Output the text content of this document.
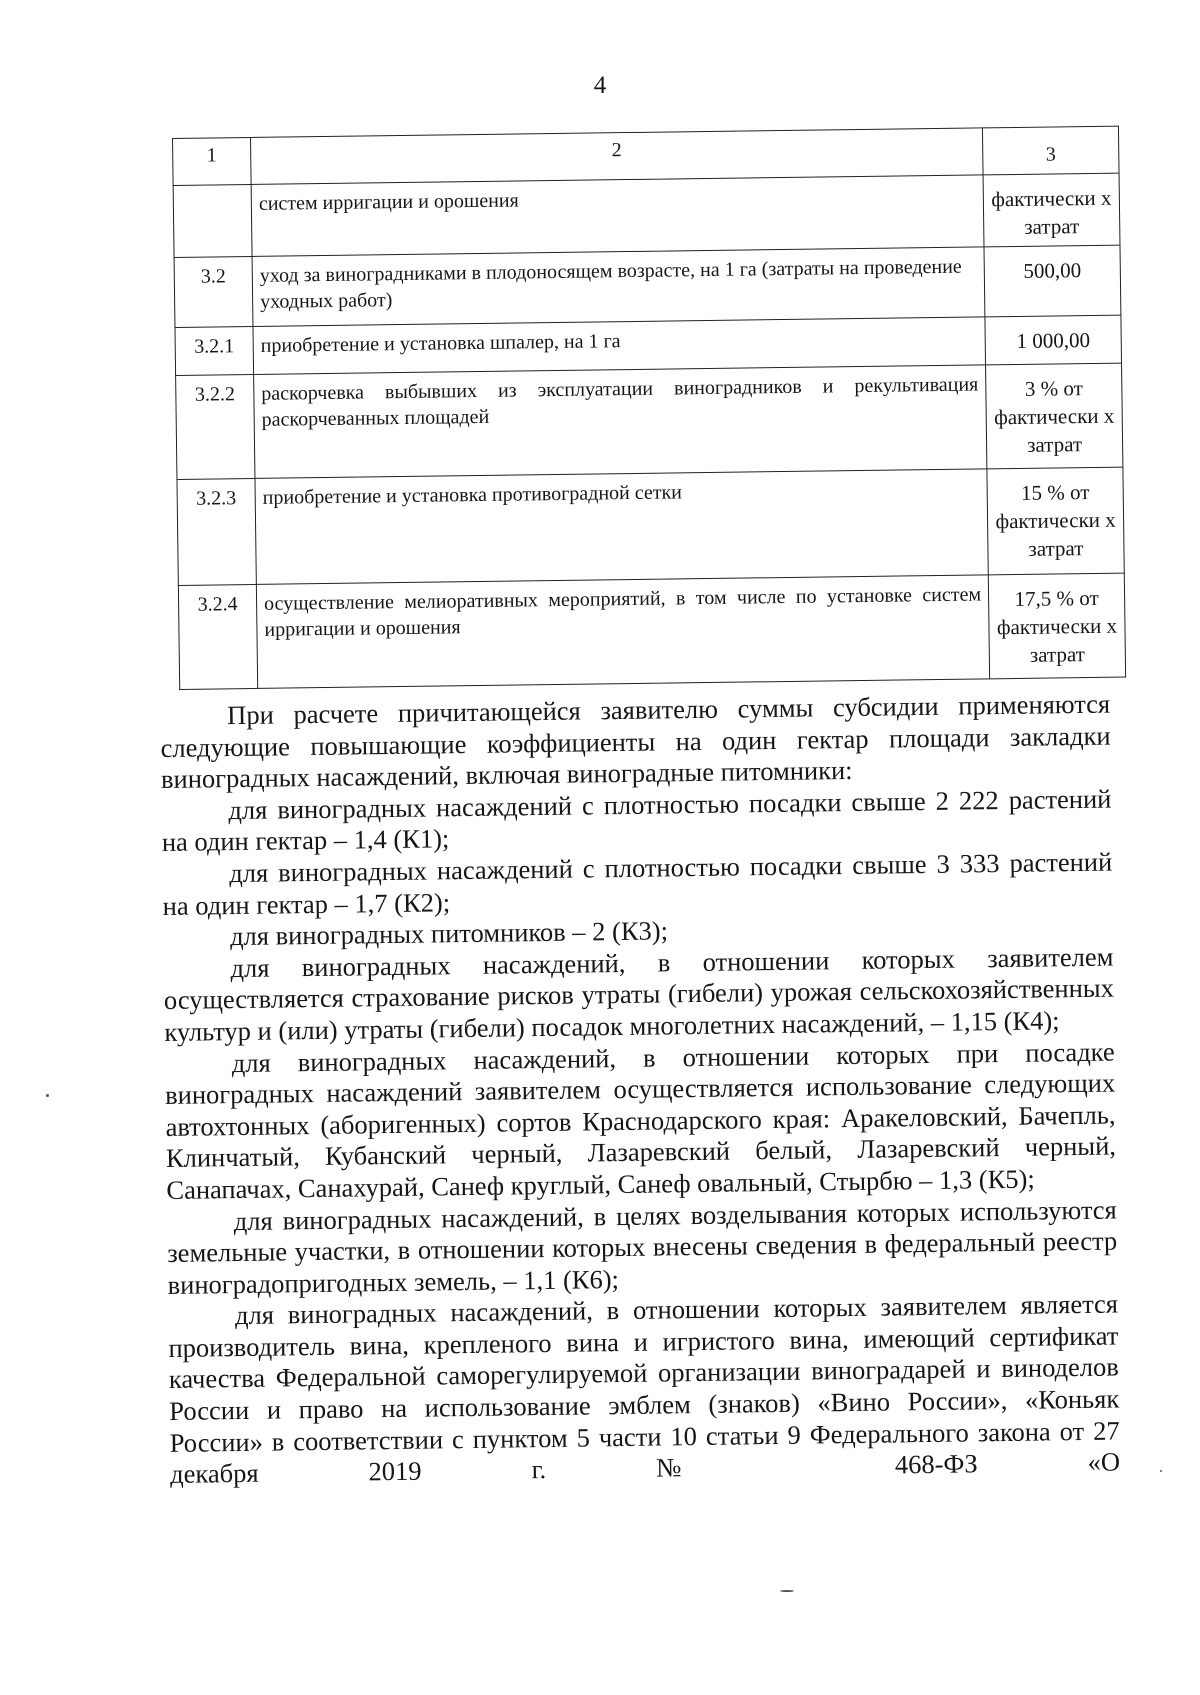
4
1	2	3
	систем ирригации и орошения	фактически х затрат
3.2	уход за виноградниками в плодоносящем возрасте, на 1 га (затраты на проведение уходных работ)	500,00
3.2.1	приобретение и установка шпалер, на 1 га	1 000,00
3.2.2	раскорчевка выбывших из эксплуатации виноградников и рекультивация раскорчеванных площадей	3 % от фактически х затрат
3.2.3	приобретение и установка противоградной сетки	15 % от фактически х затрат
3.2.4	осуществление мелиоративных мероприятий, в том числе по установке систем ирригации и орошения	17,5 % от фактически х затрат

При расчете причитающейся заявителю суммы субсидии применяются следующие повышающие коэффициенты на один гектар площади закладки виноградных насаждений, включая виноградные питомники:

для виноградных насаждений с плотностью посадки свыше 2 222 растений на один гектар – 1,4 (К1);

для виноградных насаждений с плотностью посадки свыше 3 333 растений на один гектар – 1,7 (К2);

для виноградных питомников – 2 (К3);

для виноградных насаждений, в отношении которых заявителем осуществляется страхование рисков утраты (гибели) урожая сельскохозяйственных культур и (или) утраты (гибели) посадок многолетних насаждений, – 1,15 (К4);

для виноградных насаждений, в отношении которых при посадке виноградных насаждений заявителем осуществляется использование следующих автохтонных (аборигенных) сортов Краснодарского края: Аракеловский, Бачепль, Клинчатый, Кубанский черный, Лазаревский белый, Лазаревский черный, Санапачах, Санахурай, Санеф круглый, Санеф овальный, Стырбю – 1,3 (К5);

для виноградных насаждений, в целях возделывания которых используются земельные участки, в отношении которых внесены сведения в федеральный реестр виноградопригодных земель, – 1,1 (К6);

для виноградных насаждений, в отношении которых заявителем является производитель вина, крепленого вина и игристого вина, имеющий сертификат качества Федеральной саморегулируемой организации виноградарей и виноделов России и право на использование эмблем (знаков) «Вино России», «Коньяк России» в соответствии с пунктом 5 части 10 статьи 9 Федерального закона от 27 декабря 2019 г. № 468-ФЗ «О
